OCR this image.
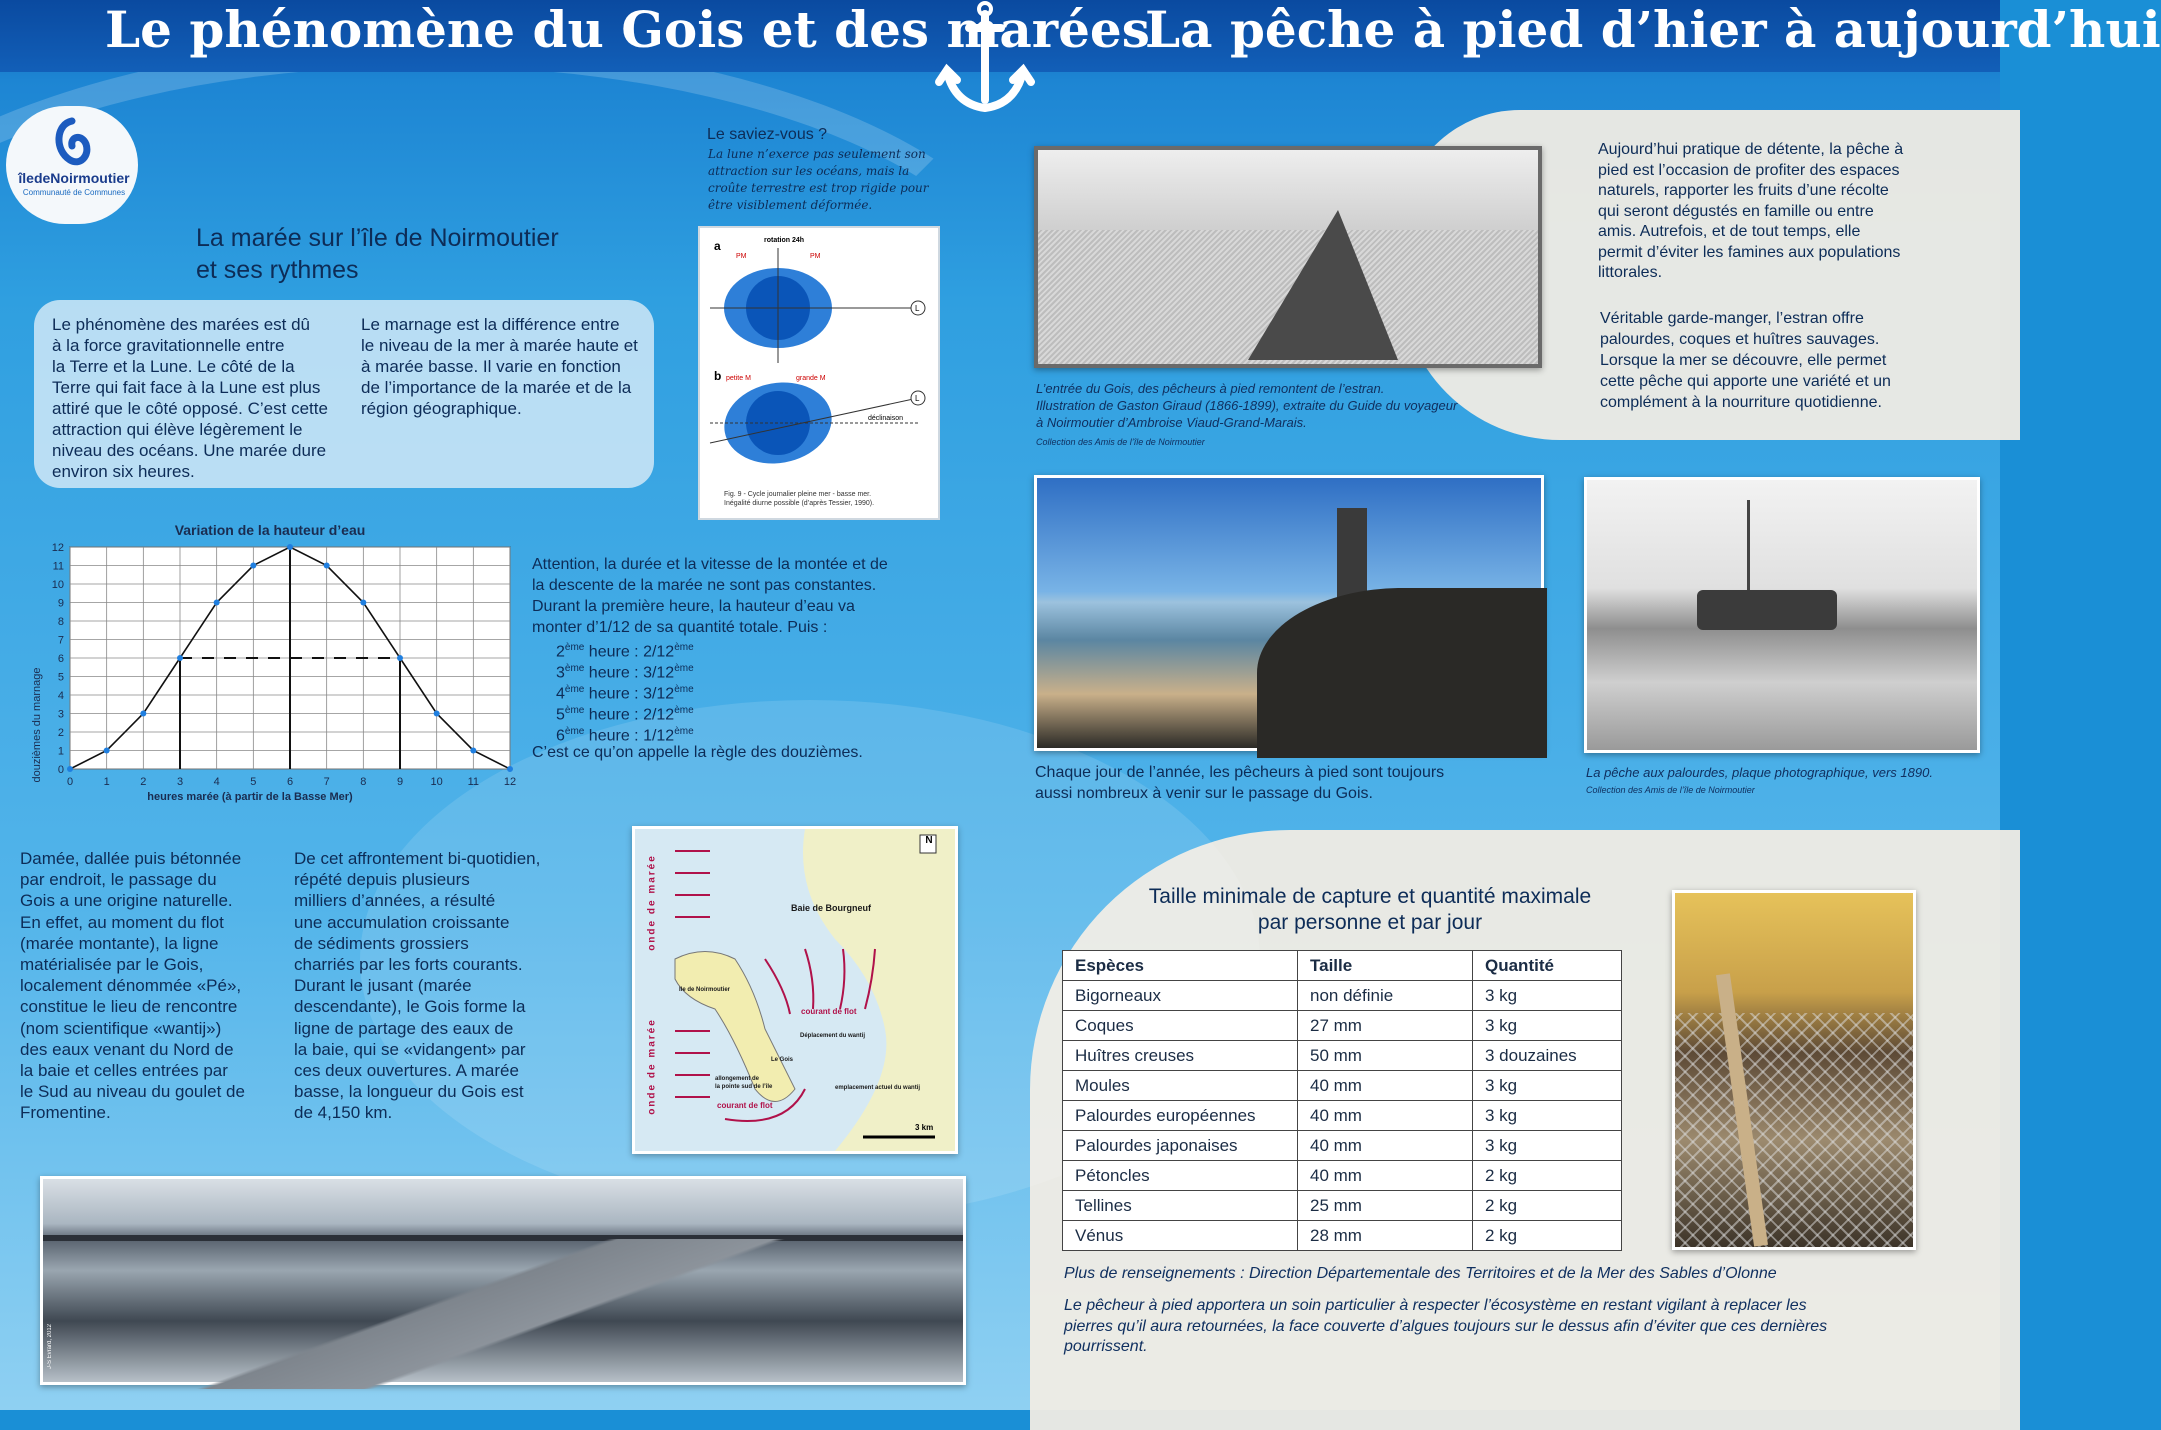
Le phénomène du Gois et des marées
La pêche à pied d’hier à aujourd’hui
îledeNoirmoutier
Communauté de Communes
La marée sur l’île de Noirmoutier
et ses rythmes
Le phénomène des marées est dû
à la force gravitationnelle entre
la Terre et la Lune. Le côté de la
Terre qui fait face à la Lune est plus
attiré que le côté opposé. C’est cette
attraction qui élève légèrement le
niveau des océans. Une marée dure
environ six heures.
Le marnage est la différence entre
le niveau de la mer à marée haute et
à marée basse. Il varie en fonction
de l’importance de la marée et de la
région géographique.
Le saviez-vous ?
La lune n’exerce pas seulement son
attraction sur les océans, mais la
croûte terrestre est trop rigide pour
être visiblement déformée.
a
b
rotation 24h
PM	PM
L
petite M	grande M
L
déclinaison
Fig. 9 - Cycle journalier pleine mer - basse mer.
Inégalité diurne possible (d’après Tessier, 1990).
Variation de la hauteur d’eau
heures marée (à partir de la Basse Mer)
douzièmes du marnage 0
1
2
3
4
5
6
7
8
9
10
11
12
0	1	2	3	4	5	6	7	8	9 10 11 12
Attention, la durée et la vitesse de la montée et de
la descente de la marée ne sont pas constantes.
Durant la première heure, la hauteur d’eau va
monter d’1/12 de sa quantité totale. Puis :
2ème heure : 2/12ème
3ème heure : 3/12ème
4ème heure : 3/12ème
5ème heure : 2/12ème
6ème heure : 1/12ème
C’est ce qu’on appelle la règle des douzièmes.
Damée, dallée puis bétonnée
par endroit, le passage du
Gois a une origine naturelle.
En effet, au moment du flot
(marée montante), la ligne
matérialisée par le Gois,
localement dénommée «Pé»,
constitue le lieu de rencontre
(nom scientifique «wantij»)
des eaux venant du Nord de
la baie et celles entrées par
le Sud au niveau du goulet de
Fromentine.
De cet affrontement bi-quotidien,
répété depuis plusieurs
milliers d’années, a résulté
une accumulation croissante
de sédiments grossiers
charriés par les forts courants.
Durant le jusant (marée
descendante), le Gois forme la
ligne de partage des eaux de
la baie, qui se «vidangent» par
ces deux ouvertures. A marée
basse, la longueur du Gois est
de 4,150 km.
onde de marée
onde de marée
Baie de Bourgneuf
Ile de Noirmoutier
courant de flot
Déplacement du wantij
Le Gois
allongement de
la pointe sud de l’île	emplacement actuel du wantij
courant de flot
N
3 km
J-S Evrard, 2012
Aujourd’hui pratique de détente, la pêche à
pied est l’occasion de profiter des espaces
naturels, rapporter les fruits d’une récolte
qui seront dégustés en famille ou entre
amis. Autrefois, et de tout temps, elle
permit d’éviter les famines aux populations
littorales.
Véritable garde-manger, l’estran offre
palourdes, coques et huîtres sauvages.
Lorsque la mer se découvre, elle permet
cette pêche qui apporte une variété et un
complément à la nourriture quotidienne.
L’entrée du Gois, des pêcheurs à pied remontent de l’estran.
Illustration de Gaston Giraud (1866-1899), extraite du Guide du voyageur
à Noirmoutier d’Ambroise Viaud-Grand-Marais.
Collection des Amis de l’île de Noirmoutier
Chaque jour de l’année, les pêcheurs à pied sont toujours
aussi nombreux à venir sur le passage du Gois.
La pêche aux palourdes, plaque photographique, vers 1890.
Collection des Amis de l’île de Noirmoutier
Taille minimale de capture et quantité maximale
par personne et par jour
Espèces	Taille	Quantité
Bigorneaux	non définie	3 kg
Coques	27 mm	3 kg
Huîtres creuses	50 mm	3 douzaines
Moules	40 mm	3 kg
Palourdes européennes	40 mm	3 kg
Palourdes japonaises	40 mm	3 kg
Pétoncles	40 mm	2 kg
Tellines	25 mm	2 kg
Vénus	28 mm	2 kg
Plus de renseignements : Direction Départementale des Territoires et de la Mer des Sables d’Olonne
Le pêcheur à pied apportera un soin particulier à respecter l’écosystème en restant vigilant à replacer les
pierres qu’il aura retournées, la face couverte d’algues toujours sur le dessus afin d’éviter que ces dernières
pourrissent.
